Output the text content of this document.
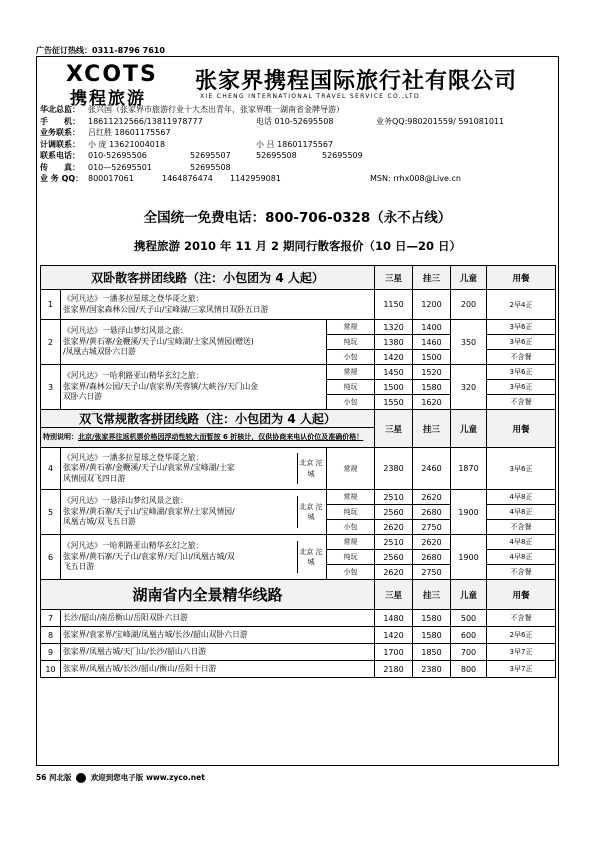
广告征订热线：0311-8796 7610
XCOTS
携程旅游
张家界携程国际旅行社有限公司
XIE CHENG INTERNATIONAL TRAVEL SERVICE CO.,LTD
华北总监： 张兴国（张家界市旅游行业十大杰出青年，张家界唯一湖南省金牌导游）
手　　机： 18611212566/13811978777	电话 010-52695508	业务QQ:980201559/ 591081011
业务联系： 吕红胜 18601175567
计调联系： 小 庞 13621004018	小 吕 18601175567
联系电话： 010-52695506	52695507	52695508	52695509
传　　真： 010—52695501	52695508
业 务 QQ： 800017061	1464876474 1142959081	MSN: rrhx008@Live.cn
全国统一免费电话：800-706-0328（永不占线）
携程旅游 2010 年 11 月 2 期同行散客报价（10 日—20 日）
双卧散客拼团线路（注：小包团为 4 人起）			三星	挂三	儿童	用餐
1	《河凡达》一潘多拉星球之登华哥之旅：
张家界/国家森林公园/天子山/宝峰湖/三家风情日双卧五日游		1150	1200	200	2早4正
2	《河凡达》一悬浮山梦幻风景之旅：
张家界/黄石寨/金鞭溪/天子山/宝峰湖/土家风情园(赠送)
/凤凰古城双卧六日游	常规	1320	1400	350	3早6正
		纯玩	1380	1460		3早6正
		小包	1420	1500		不含餐
3	《河凡达》一哈利路亚山精华玄幻之旅：
张家界/森林公园/天子山/袁家界/芙蓉镇/大峡谷/天门山金
双卧六日游	常规	1450	1520	320	3早6正
		纯玩	1500	1580		3早6正
		小包	1550	1620		不含餐
双飞常规散客拼团线路（注：小包团为 4 人起）			三星	挂三	儿童	用餐
特别说明：北京/张家界往返机票价格因浮动性较大而暂按 6 折核计，仅供协商来电认价位及准确价格！						
4	《河凡达》一潘多拉星球之登华哥之旅：
张家界/黄石寨/金鞭溪/天子山/袁家界/宝峰湖/土家
风情园双飞四日游
北京 沱城	常规	2380	2460	1870	3早6正
5	《河凡达》一悬浮山梦幻风景之旅：
张家界/黄石寨/天子山/宝峰湖/袁家界/土家风情园/
凤凰古城/双飞五日游
北京 沱城	常规	2510	2620	1900	4早8正
		纯玩	2560	2680		4早8正
		小包	2620	2750		不含餐
6	《河凡达》一哈利路亚山精华玄幻之旅：
张家界/黄石寨/天子山/袁家界/天门山/凤凰古城/双
飞五日游
北京 沱城	常规	2510	2620	1900	4早8正
		纯玩	2560	2680		4早8正
		小包	2620	2750		不含餐
湖南省内全景精华线路			三星	挂三	儿童	用餐
7	长沙/韶山/南岳衡山/岳阳双卧六日游		1480	1580	500	不含餐
8	张家界/袁家界/宝峰湖/凤凰古城/长沙/韶山双卧六日游		1420	1580	600	2早6正
9	张家界/凤凰古城/天门山/长沙/韶山八日游		1700	1850	700	3早7正
10	张家界/凤凰古城/长沙/韶山/衡山/岳阳十日游		2180	2380	800	3早7正
56 河北版	欢迎到您电子版 www.zyco.net
